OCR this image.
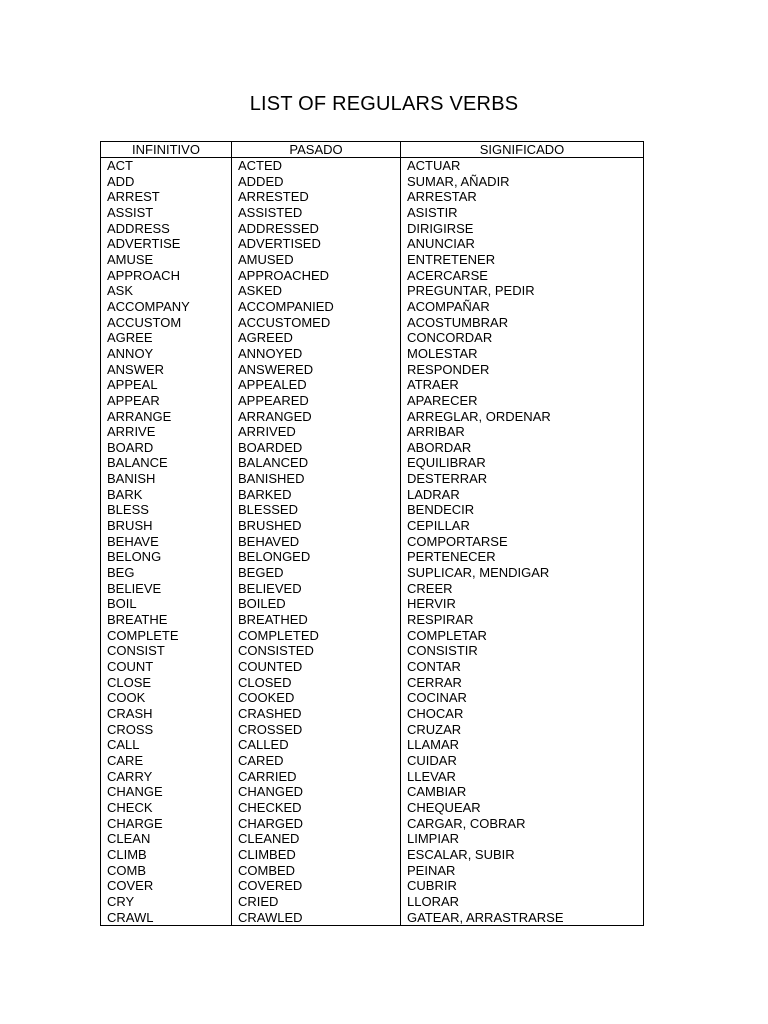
LIST OF REGULARS VERBS
INFINITIVO	PASADO	SIGNIFICADO
ACT	ACTED	ACTUAR
ADD	ADDED	SUMAR, AÑADIR
ARREST	ARRESTED	ARRESTAR
ASSIST	ASSISTED	ASISTIR
ADDRESS	ADDRESSED	DIRIGIRSE
ADVERTISE	ADVERTISED	ANUNCIAR
AMUSE	AMUSED	ENTRETENER
APPROACH	APPROACHED	ACERCARSE
ASK	ASKED	PREGUNTAR, PEDIR
ACCOMPANY	ACCOMPANIED	ACOMPAÑAR
ACCUSTOM	ACCUSTOMED	ACOSTUMBRAR
AGREE	AGREED	CONCORDAR
ANNOY	ANNOYED	MOLESTAR
ANSWER	ANSWERED	RESPONDER
APPEAL	APPEALED	ATRAER
APPEAR	APPEARED	APARECER
ARRANGE	ARRANGED	ARREGLAR, ORDENAR
ARRIVE	ARRIVED	ARRIBAR
BOARD	BOARDED	ABORDAR
BALANCE	BALANCED	EQUILIBRAR
BANISH	BANISHED	DESTERRAR
BARK	BARKED	LADRAR
BLESS	BLESSED	BENDECIR
BRUSH	BRUSHED	CEPILLAR
BEHAVE	BEHAVED	COMPORTARSE
BELONG	BELONGED	PERTENECER
BEG	BEGED	SUPLICAR, MENDIGAR
BELIEVE	BELIEVED	CREER
BOIL	BOILED	HERVIR
BREATHE	BREATHED	RESPIRAR
COMPLETE	COMPLETED	COMPLETAR
CONSIST	CONSISTED	CONSISTIR
COUNT	COUNTED	CONTAR
CLOSE	CLOSED	CERRAR
COOK	COOKED	COCINAR
CRASH	CRASHED	CHOCAR
CROSS	CROSSED	CRUZAR
CALL	CALLED	LLAMAR
CARE	CARED	CUIDAR
CARRY	CARRIED	LLEVAR
CHANGE	CHANGED	CAMBIAR
CHECK	CHECKED	CHEQUEAR
CHARGE	CHARGED	CARGAR, COBRAR
CLEAN	CLEANED	LIMPIAR
CLIMB	CLIMBED	ESCALAR, SUBIR
COMB	COMBED	PEINAR
COVER	COVERED	CUBRIR
CRY	CRIED	LLORAR
CRAWL	CRAWLED	GATEAR, ARRASTRARSE
